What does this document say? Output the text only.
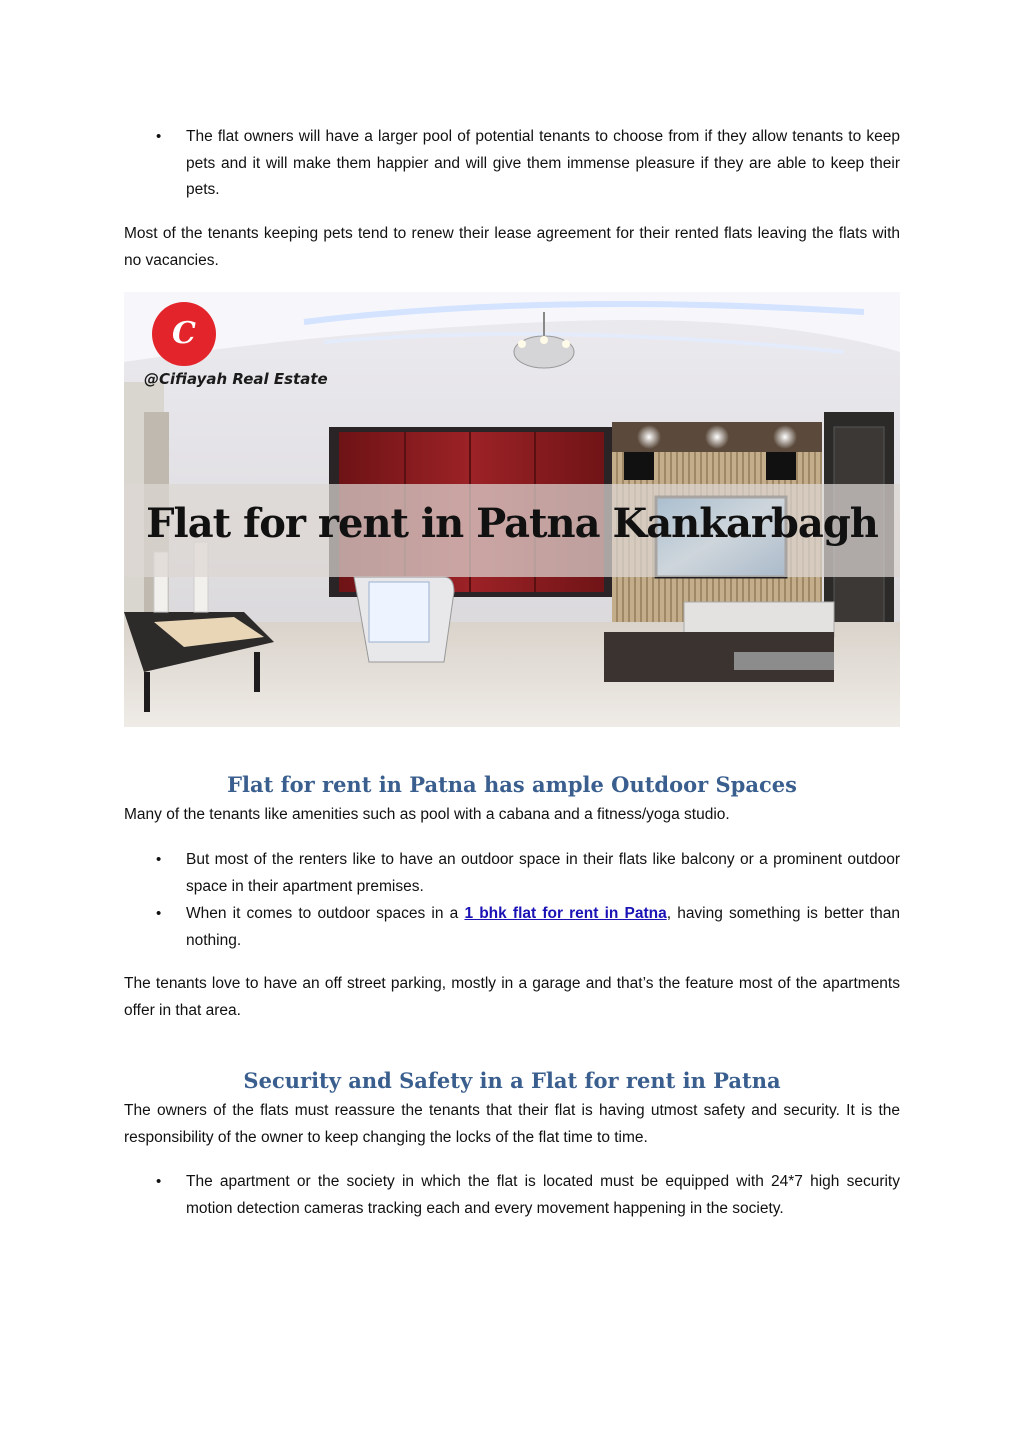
• The flat owners will have a larger pool of potential tenants to choose from if they allow tenants to keep pets and it will make them happier and will give them immense pleasure if they are able to keep their pets.

Most of the tenants keeping pets tend to renew their lease agreement for their rented flats leaving the flats with no vacancies.

C
@Cifiayah Real Estate
Flat for rent in Patna Kankarbagh
Flat for rent in Patna has ample Outdoor Spaces

Many of the tenants like amenities such as pool with a cabana and a fitness/yoga studio.

• But most of the renters like to have an outdoor space in their flats like balcony or a prominent outdoor space in their apartment premises.
• When it comes to outdoor spaces in a 1 bhk flat for rent in Patna, having something is better than nothing.

The tenants love to have an off street parking, mostly in a garage and that’s the feature most of the apartments offer in that area.

Security and Safety in a Flat for rent in Patna

The owners of the flats must reassure the tenants that their flat is having utmost safety and security. It is the responsibility of the owner to keep changing the locks of the flat time to time.

• The apartment or the society in which the flat is located must be equipped with 24*7 high security motion detection cameras tracking each and every movement happening in the society.
